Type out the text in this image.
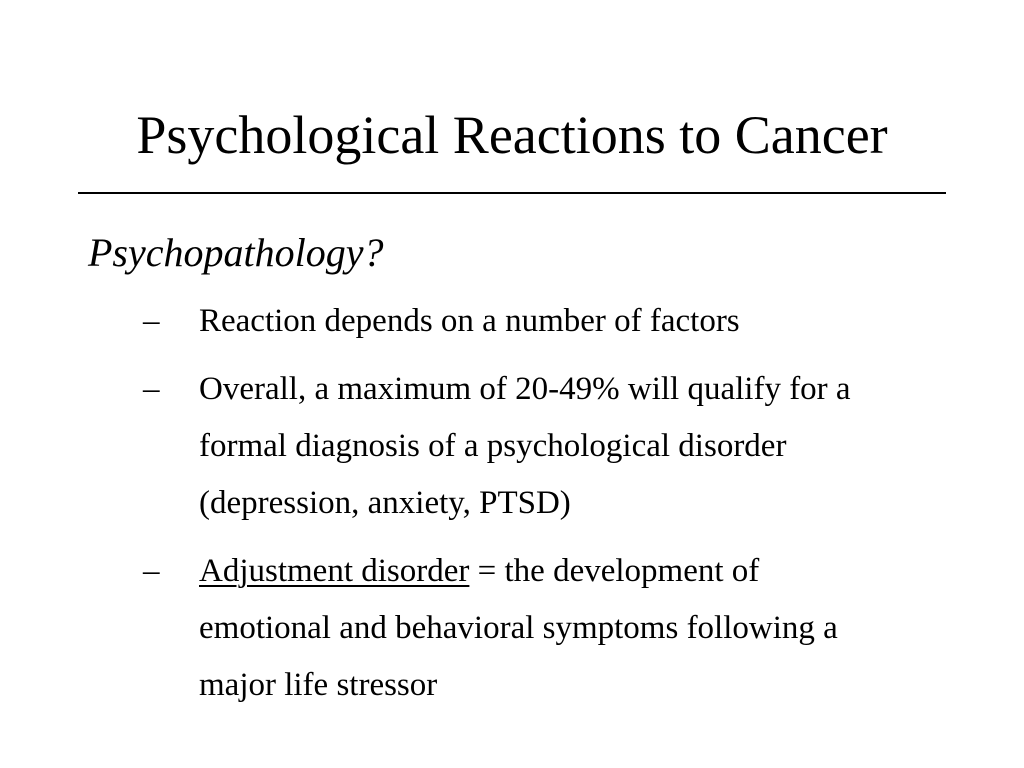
Psychological Reactions to Cancer

Psychopathology?

– Reaction depends on a number of factors
– Overall, a maximum of 20-49% will qualify for a
formal diagnosis of a psychological disorder
(depression, anxiety, PTSD)
– Adjustment disorder = the development of
emotional and behavioral symptoms following a
major life stressor
